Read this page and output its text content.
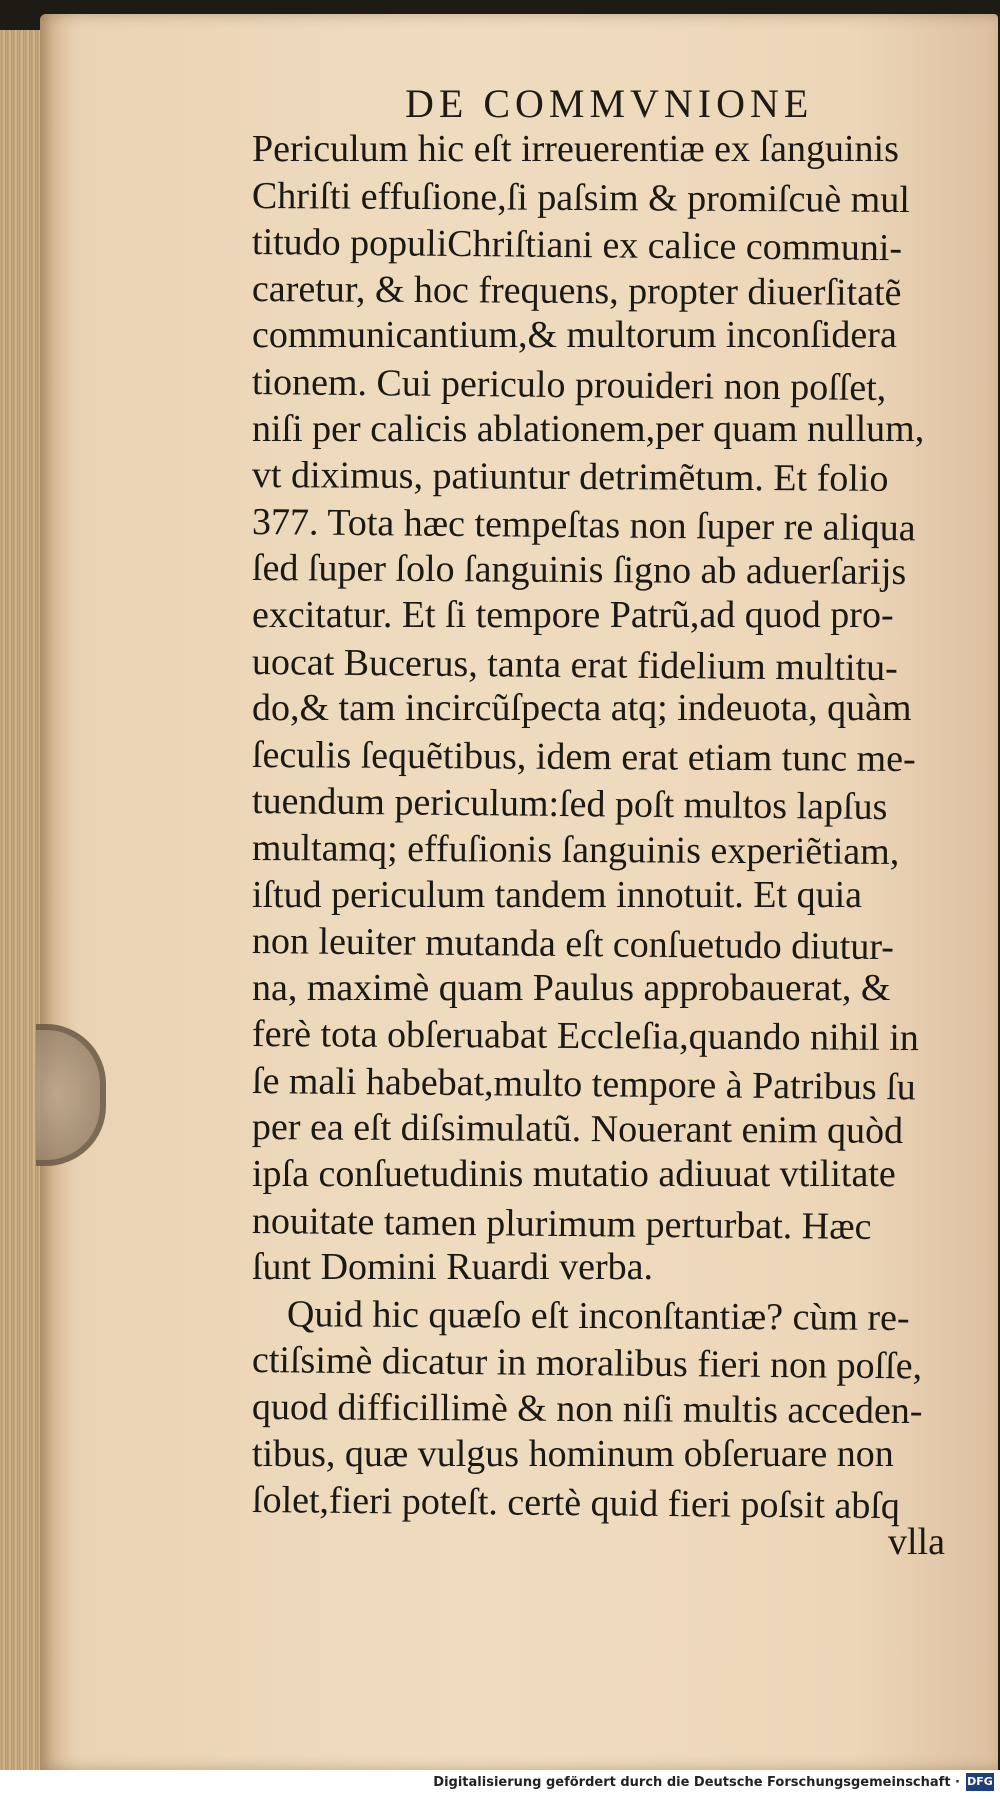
DE COMMVNIONE
Periculum hic eſt irreuerentiæ ex ſanguinis
Chriſti effuſione,ſi paſsim & promiſcuè mul
titudo populiChriſtiani ex calice communi-
caretur, & hoc frequens, propter diuerſitatẽ
communicantium,& multorum inconſidera
tionem. Cui periculo prouideri non poſſet,
niſi per calicis ablationem,per quam nullum,
vt diximus, patiuntur detrimẽtum. Et folio
377. Tota hæc tempeſtas non ſuper re aliqua
ſed ſuper ſolo ſanguinis ſigno ab aduerſarijs
excitatur. Et ſi tempore Patrũ,ad quod pro-
uocat Bucerus, tanta erat fidelium multitu-
do,& tam incircũſpecta atq; indeuota, quàm
ſeculis ſequẽtibus, idem erat etiam tunc me-
tuendum periculum:ſed poſt multos lapſus
multamq; effuſionis ſanguinis experiẽtiam,
iſtud periculum tandem innotuit. Et quia
non leuiter mutanda eſt conſuetudo diutur-
na, maximè quam Paulus approbauerat, &
ferè tota obſeruabat Eccleſia,quando nihil in
ſe mali habebat,multo tempore à Patribus ſu
per ea eſt diſsimulatũ. Nouerant enim quòd
ipſa conſuetudinis mutatio adiuuat vtilitate
nouitate tamen plurimum perturbat. Hæc
ſunt Domini Ruardi verba.
Quid hic quæſo eſt inconſtantiæ? cùm re-
ctiſsimè dicatur in moralibus fieri non poſſe,
quod difficillimè & non niſi multis acceden-
tibus, quæ vulgus hominum obſeruare non
ſolet,fieri poteſt. certè quid fieri poſsit abſq
vlla
Digitalisierung gefördert durch die Deutsche Forschungsgemeinschaft · DFG
